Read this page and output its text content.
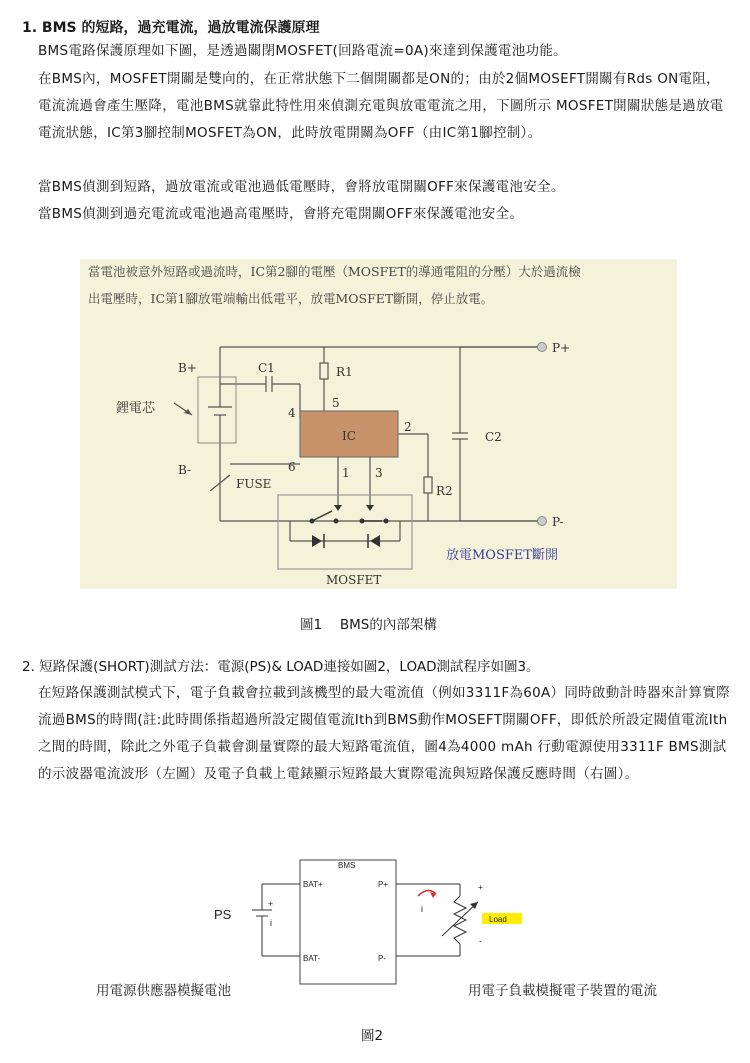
1. BMS 的短路，過充電流，過放電流保護原理
BMS電路保護原理如下圖，是透過關閉MOSFET(回路電流=0A)來達到保護電池功能。
在BMS內，MOSFET開關是雙向的，在正常狀態下二個開關都是ON的；由於2個MOSEFT開關有Rds ON電阻，電流流過會產生壓降，電池BMS就靠此特性用來偵測充電與放電電流之用，下圖所示 MOSFET開關狀態是過放電電流狀態，IC第3腳控制MOSFET為ON，此時放電開關為OFF（由IC第1腳控制）。
當BMS偵測到短路，過放電流或電池過低電壓時，會將放電開關OFF來保護電池安全。
當BMS偵測到過充電流或電池過高電壓時，會將充電開關OFF來保護電池安全。
當電池被意外短路或過流時，IC第2腳的電壓（MOSFET的導通電阻的分壓）大於過流檢
出電壓時，IC第1腳放電端輸出低電平，放電MOSFET斷開，停止放電。
B+
B-
鋰電芯
C1	R1
C2
R2
IC
FUSE
P+
P-
MOSFET
4
5
6
2
1 3
放電MOSFET斷開
圖1　 BMS的內部架構
2. 短路保護(SHORT)測試方法：電源(PS)& LOAD連接如圖2，LOAD測試程序如圖3。
在短路保護測試模式下，電子負載會拉載到該機型的最大電流值（例如3311F為60A）同時啟動計時器來計算實際流過BMS的時間(註:此時間係指超過所設定閥值電流Ith到BMS動作MOSEFT開關OFF，即低於所設定閥值電流Ith之間的時間，除此之外電子負載會測量實際的最大短路電流值，圖4為4000 mAh 行動電源使用3311F BMS測試的示波器電流波形（左圖）及電子負載上電錶顯示短路最大實際電流與短路保護反應時間（右圖）。
BMS
BAT+
BAT-
P+
P-
i
Load
+
-
+
i
PS
用電源供應器模擬電池	用電子負載模擬電子裝置的電流
圖2
